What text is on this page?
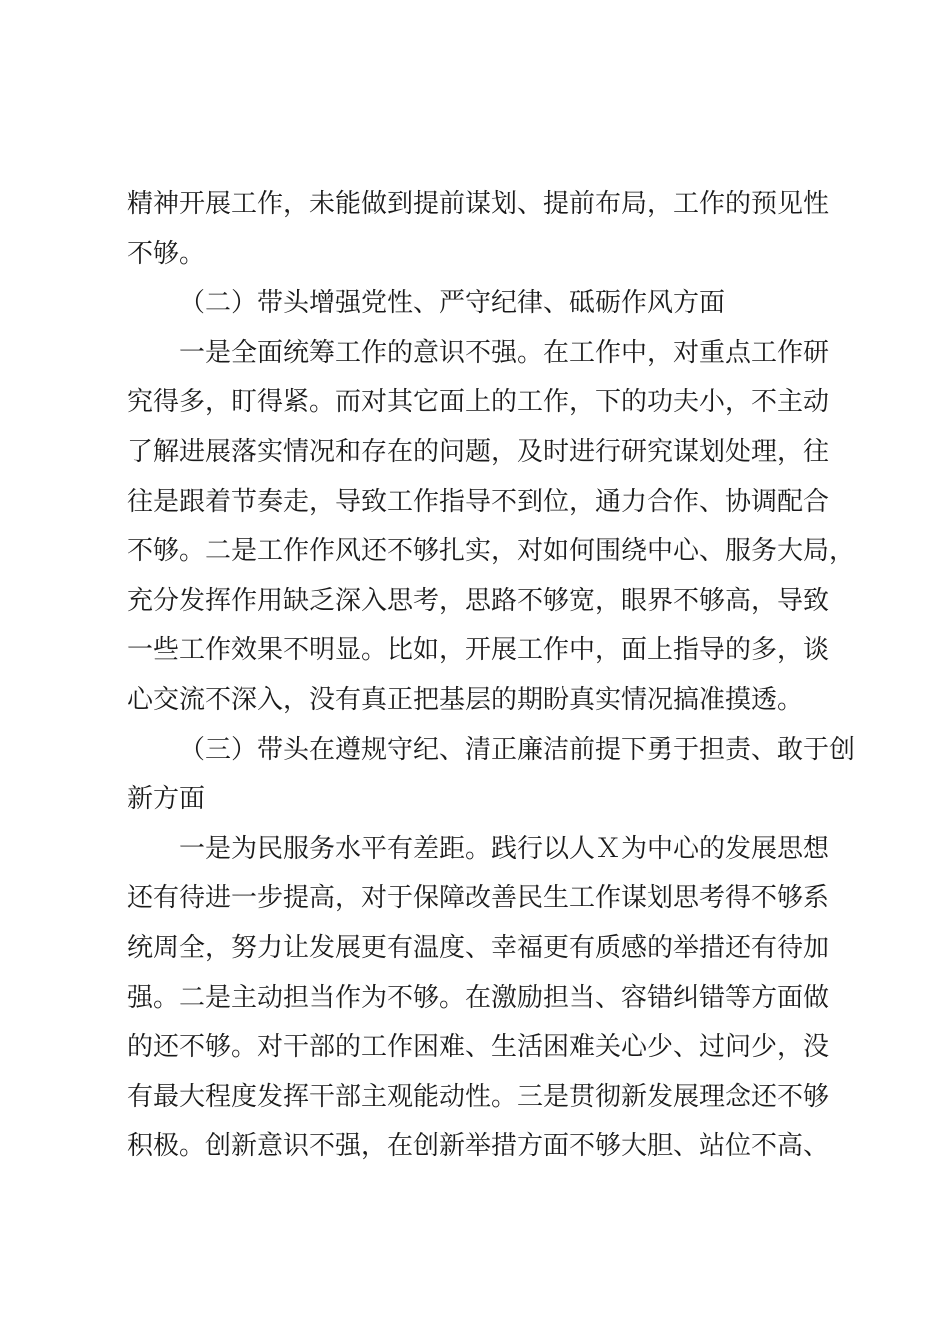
精神开展工作，未能做到提前谋划、提前布局，工作的预见性
不够。
（二）带头增强党性、严守纪律、砥砺作风方面
一是全面统筹工作的意识不强。在工作中，对重点工作研
究得多，盯得紧。而对其它面上的工作，下的功夫小，不主动
了解进展落实情况和存在的问题，及时进行研究谋划处理，往
往是跟着节奏走，导致工作指导不到位，通力合作、协调配合
不够。二是工作作风还不够扎实，对如何围绕中心、服务大局，
充分发挥作用缺乏深入思考，思路不够宽，眼界不够高，导致
一些工作效果不明显。比如，开展工作中，面上指导的多，谈
心交流不深入，没有真正把基层的期盼真实情况搞准摸透。
（三）带头在遵规守纪、清正廉洁前提下勇于担责、敢于创
新方面
一是为民服务水平有差距。践行以人Ｘ为中心的发展思想
还有待进一步提高，对于保障改善民生工作谋划思考得不够系
统周全，努力让发展更有温度、幸福更有质感的举措还有待加
强。二是主动担当作为不够。在激励担当、容错纠错等方面做
的还不够。对干部的工作困难、生活困难关心少、过问少，没
有最大程度发挥干部主观能动性。三是贯彻新发展理念还不够
积极。创新意识不强，在创新举措方面不够大胆、站位不高、
